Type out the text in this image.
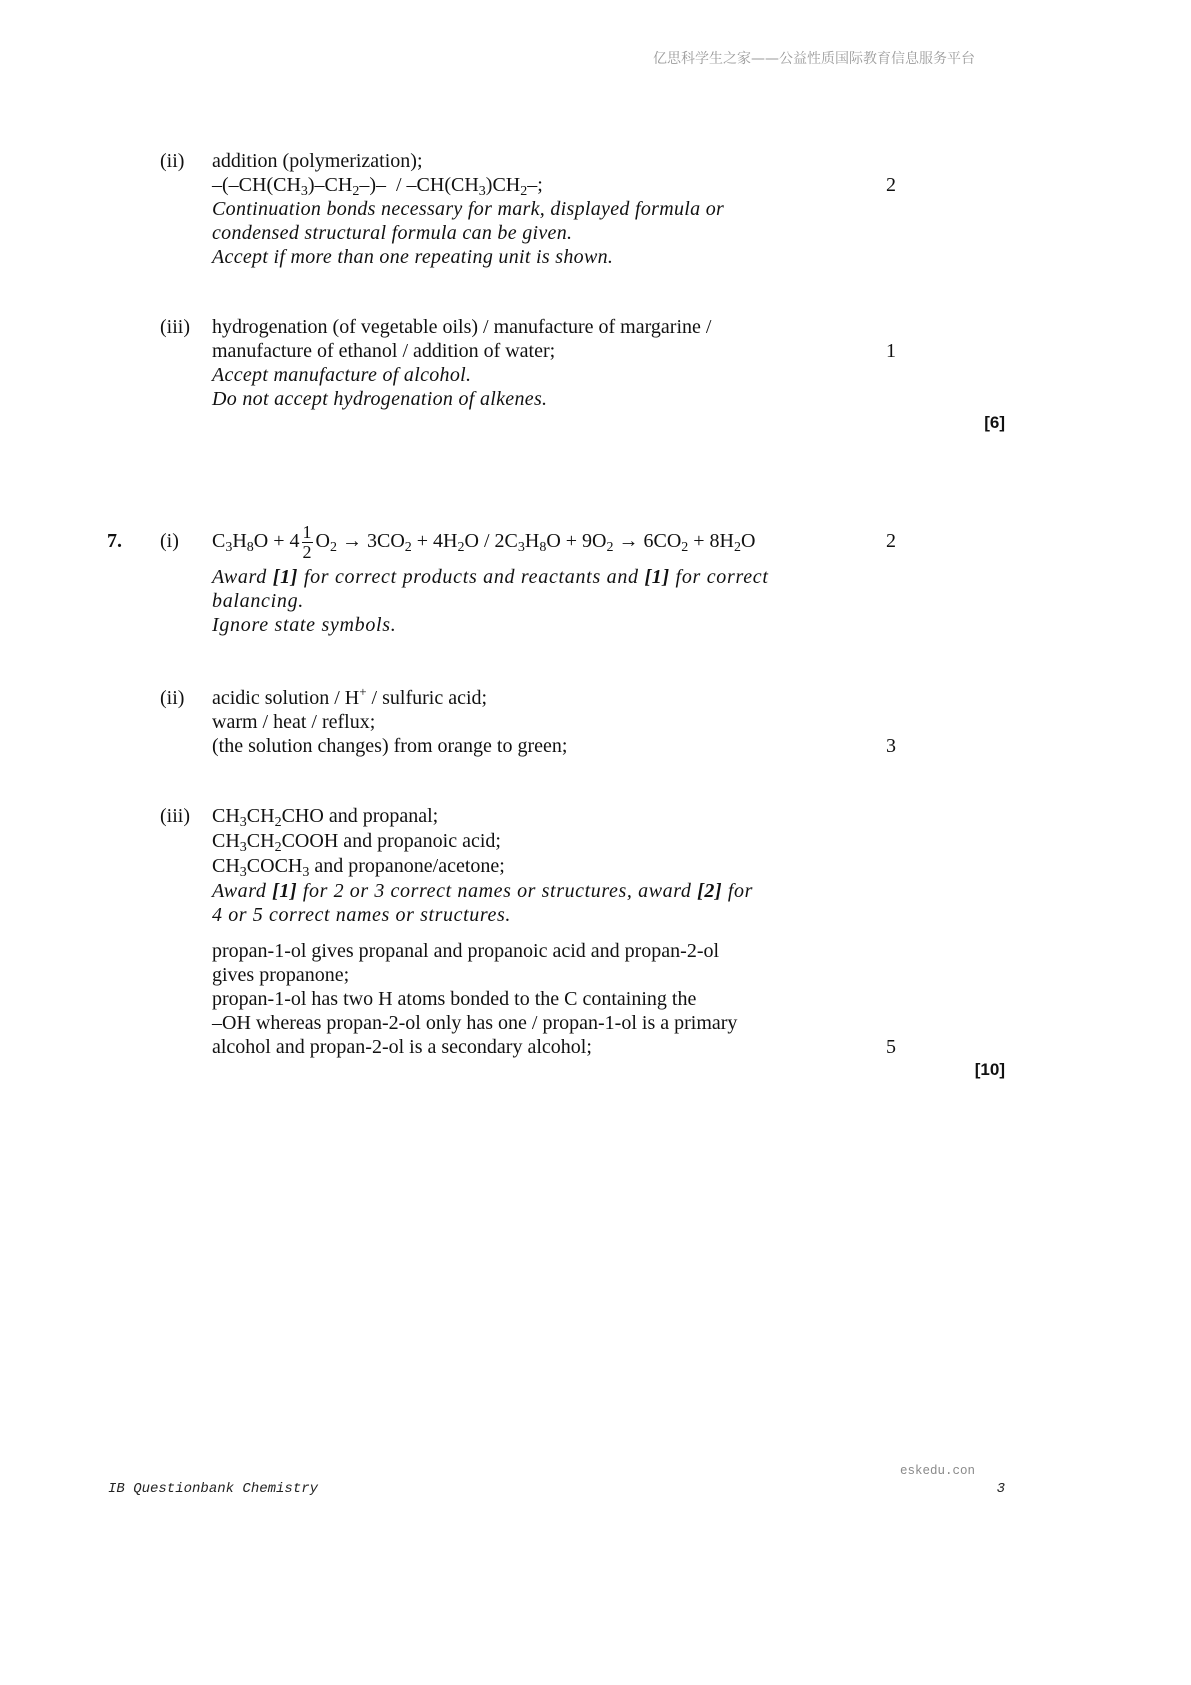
亿思科学生之家——公益性质国际教育信息服务平台
(ii) addition (polymerization);
$-(-CH(CH_3)-CH_2-)- / -CH(CH_3)CH_2-$;
Continuation bonds necessary for mark, displayed formula or
condensed structural formula can be given.
Accept if more than one repeating unit is shown.
2
(iii) hydrogenation (of vegetable oils) / manufacture of margarine /
manufacture of ethanol / addition of water;
Accept manufacture of alcohol.
Do not accept hydrogenation of alkenes.
1
[6]
7. (i) $C_3H_8O + 4 \frac{1}{2} O_2 \to 3CO_2 + 4H_2O / 2C_3H_8O + 9O_2 \to 6CO_2 + 8H_2O$
Award [1] for correct products and reactants and [1] for correct
balancing.
Ignore state symbols.
2
(ii) acidic solution / H+ / sulfuric acid;
warm / heat / reflux;
(the solution changes) from orange to green;	3
(iii) $CH_3CH_2CHO$ and propanal;
$CH_3CH_2COOH$ and propanoic acid;
$CH_3COCH_3$ and propanone/acetone;
Award [1] for 2 or 3 correct names or structures, award [2] for
4 or 5 correct names or structures.
propan-1-ol gives propanal and propanoic acid and propan-2-ol
gives propanone;
propan-1-ol has two H atoms bonded to the C containing the
–OH whereas propan-2-ol only has one / propan-1-ol is a primary
alcohol and propan-2-ol is a secondary alcohol;	5
[10]
eskedu.con
IB Questionbank Chemistry	3
